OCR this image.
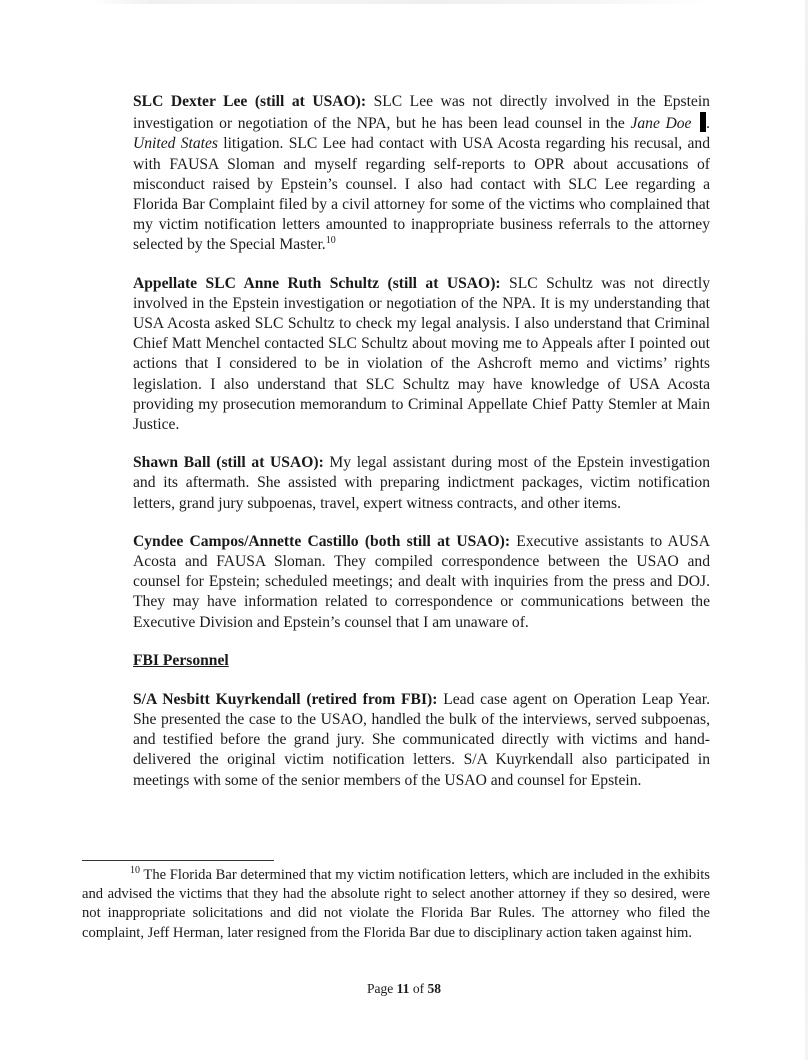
SLC Dexter Lee (still at USAO): SLC Lee was not directly involved in the Epstein investigation or negotiation of the NPA, but he has been lead counsel in the Jane Doe . United States litigation. SLC Lee had contact with USA Acosta regarding his recusal, and with FAUSA Sloman and myself regarding self-reports to OPR about accusations of misconduct raised by Epstein’s counsel. I also had contact with SLC Lee regarding a Florida Bar Complaint filed by a civil attorney for some of the victims who complained that my victim notification letters amounted to inappropriate business referrals to the attorney selected by the Special Master.$^{10}$

Appellate SLC Anne Ruth Schultz (still at USAO): SLC Schultz was not directly involved in the Epstein investigation or negotiation of the NPA. It is my understanding that USA Acosta asked SLC Schultz to check my legal analysis. I also understand that Criminal Chief Matt Menchel contacted SLC Schultz about moving me to Appeals after I pointed out actions that I considered to be in violation of the Ashcroft memo and victims’ rights legislation. I also understand that SLC Schultz may have knowledge of USA Acosta providing my prosecution memorandum to Criminal Appellate Chief Patty Stemler at Main Justice.

Shawn Ball (still at USAO): My legal assistant during most of the Epstein investigation and its aftermath. She assisted with preparing indictment packages, victim notification letters, grand jury subpoenas, travel, expert witness contracts, and other items.

Cyndee Campos/Annette Castillo (both still at USAO): Executive assistants to AUSA Acosta and FAUSA Sloman. They compiled correspondence between the USAO and counsel for Epstein; scheduled meetings; and dealt with inquiries from the press and DOJ. They may have information related to correspondence or communications between the Executive Division and Epstein’s counsel that I am unaware of.

FBI Personnel

S/A Nesbitt Kuyrkendall (retired from FBI): Lead case agent on Operation Leap Year. She presented the case to the USAO, handled the bulk of the interviews, served subpoenas, and testified before the grand jury. She communicated directly with victims and hand-delivered the original victim notification letters. S/A Kuyrkendall also participated in meetings with some of the senior members of the USAO and counsel for Epstein.

$^{10}$ The Florida Bar determined that my victim notification letters, which are included in the exhibits and advised the victims that they had the absolute right to select another attorney if they so desired, were not inappropriate solicitations and did not violate the Florida Bar Rules. The attorney who filed the complaint, Jeff Herman, later resigned from the Florida Bar due to disciplinary action taken against him.

Page 11 of 58
